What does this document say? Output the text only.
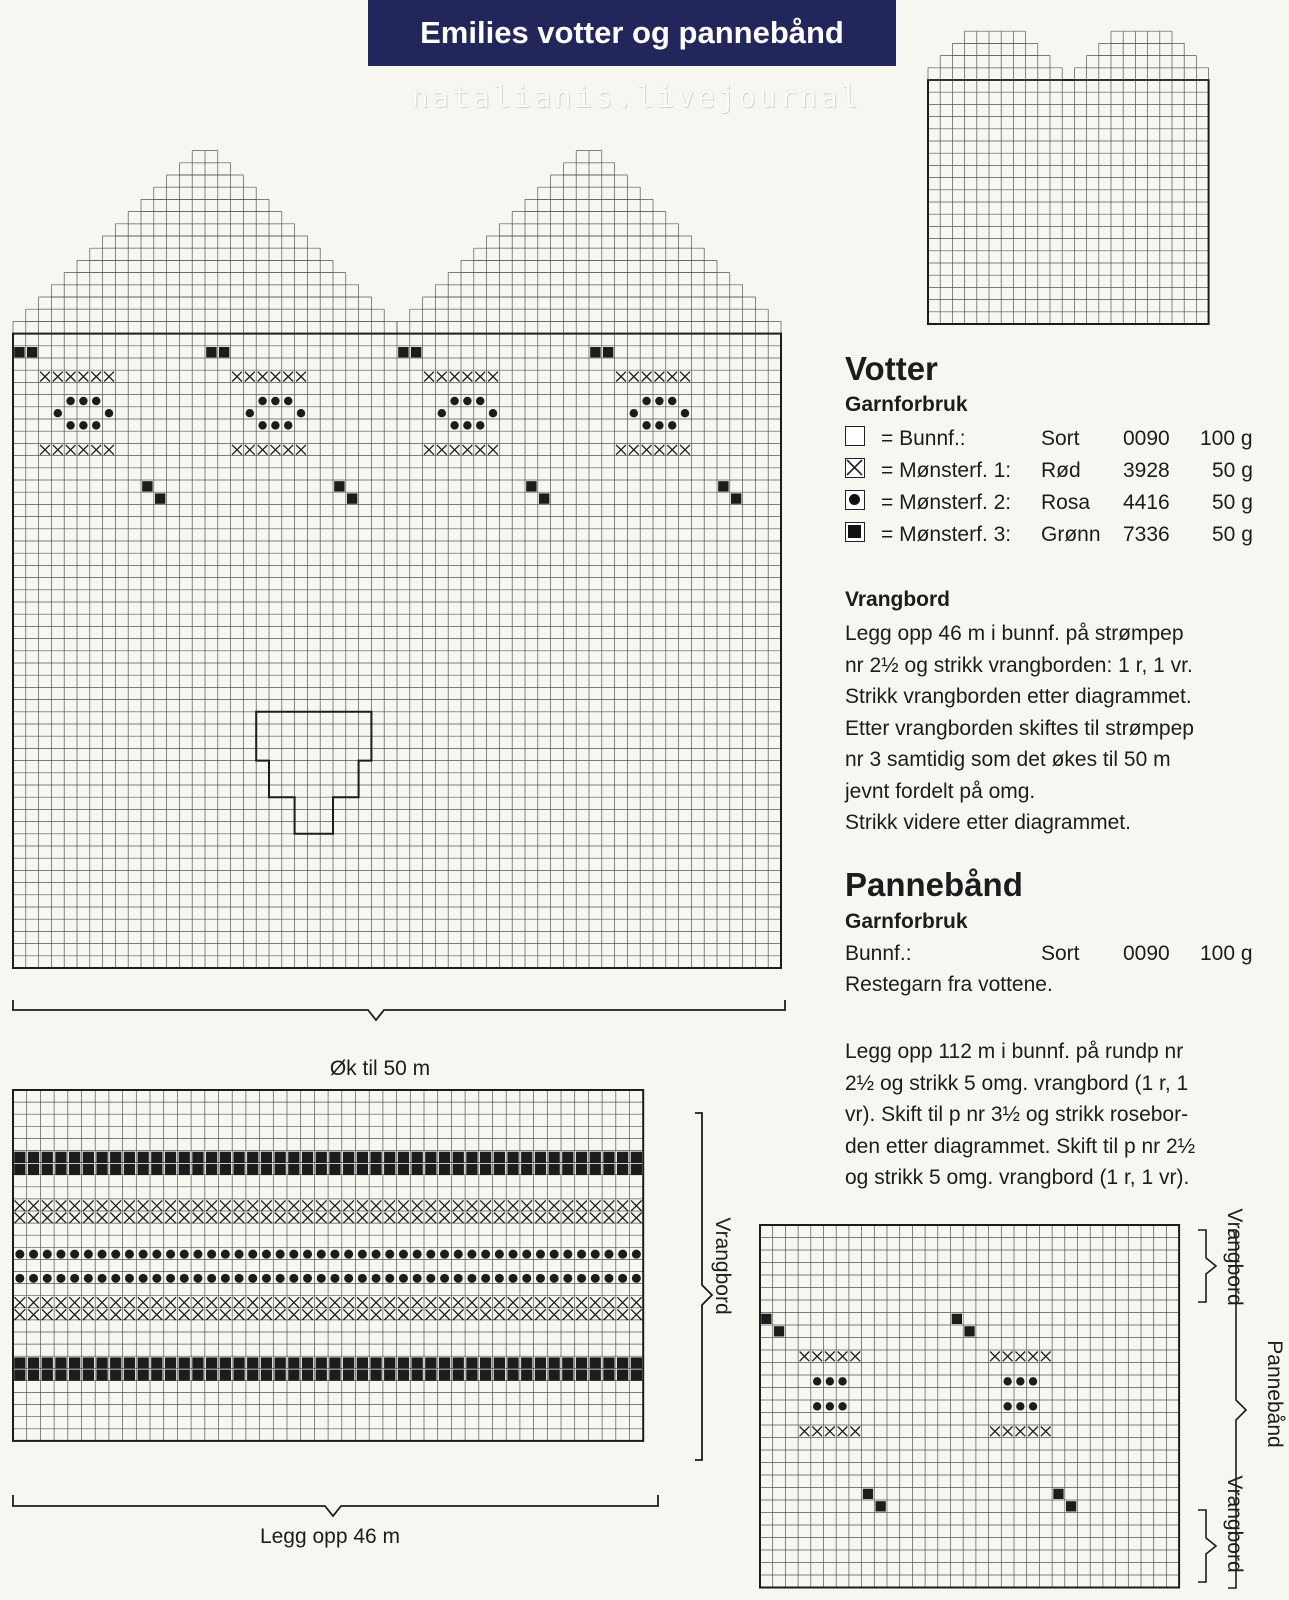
Emilies votter og pannebånd
natalianis.livejournal
Øk til 50 m
Legg opp 46 m
Vrangbord	Vrangbord
Vrangbord
Pannebånd
Votter
Garnforbruk
= Bunnf.:	Sort 0090 100 g
= Mønsterf. 1: Rød 3928 50 g
= Mønsterf. 2: Rosa 4416 50 g
= Mønsterf. 3: Grønn 7336 50 g
Vrangbord
Legg opp 46 m i bunnf. på strømpep
nr 2½ og strikk vrangborden: 1 r, 1 vr.
Strikk vrangborden etter diagrammet.
Etter vrangborden skiftes til strømpep
nr 3 samtidig som det økes til 50 m
jevnt fordelt på omg.
Strikk videre etter diagrammet.
Pannebånd
Garnforbruk
Bunnf.:	Sort 0090 100 g
Restegarn fra vottene.
Legg opp 112 m i bunnf. på rundp nr
2½ og strikk 5 omg. vrangbord (1 r, 1
vr). Skift til p nr 3½ og strikk rosebor-
den etter diagrammet. Skift til p nr 2½
og strikk 5 omg. vrangbord (1 r, 1 vr).
